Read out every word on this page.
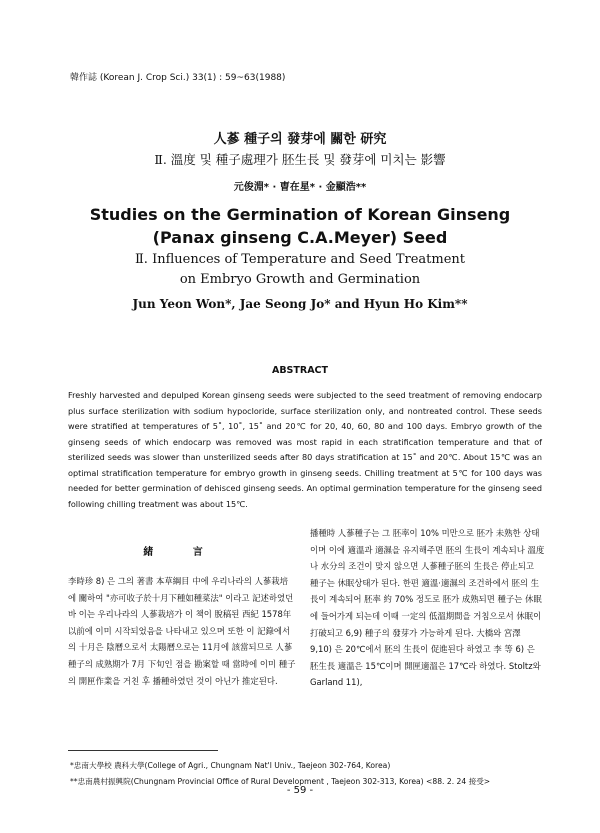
韓作誌 (Korean J. Crop Sci.) 33(1) : 59~63(1988)
人蔘 種子의 發芽에 關한 研究
Ⅱ. 溫度 및 種子處理가 胚生長 및 發芽에 미치는 影響
元俊淵* · 曺在星* · 金顯浩**
Studies on the Germination of Korean Ginseng
(Panax ginseng C.A.Meyer) Seed
Ⅱ. Influences of Temperature and Seed Treatment
on Embryo Growth and Germination
Jun Yeon Won*, Jae Seong Jo* and Hyun Ho Kim**
ABSTRACT

Freshly harvested and depulped Korean ginseng seeds were subjected to the seed treatment of removing endocarp plus surface sterilization with sodium hypocloride, surface sterilization only, and nontreated control. These seeds were stratified at temperatures of 5˚, 10˚, 15˚ and 20℃ for 20, 40, 60, 80 and 100 days. Embryo growth of the ginseng seeds of which endocarp was removed was most rapid in each stratification temperature and that of sterilized seeds was slower than unsterilized seeds after 80 days stratification at 15˚ and 20℃. About 15℃ was an optimal stratification temperature for embryo growth in ginseng seeds. Chilling treatment at 5℃ for 100 days was needed for better germination of dehisced ginseng seeds. An optimal germination temperature for the ginseng seed following chilling treatment was about 15℃.

緒 言

李時珍 8) 은 그의 著書 本草綱目 中에 우리나라의 人蔘栽培에 關하여 "亦可收子於十月下種如種菜法" 이라고 記述하였던 바 이는 우리나라의 人蔘栽培가 이 책이 脫稿된 西紀 1578年 以前에 이미 시작되었음을 나타내고 있으며 또한 이 記錄에서의 十月은 陰曆으로서 太陽曆으로는 11月에 該當되므로 人蔘 種子의 成熟期가 7月 下旬인 점을 勘案할 때 當時에 이미 種子의 開匣作業을 거친 후 播種하였던 것이 아닌가 推定된다.

播種時 人蔘種子는 그 胚率이 10% 미만으로 胚가 未熟한 상태이며 이에 適溫과 適濕을 유지해주면 胚의 生長이 계속되나 溫度나 水分의 조건이 맞지 않으면 人蔘種子胚의 生長은 停止되고 種子는 休眠상태가 된다. 한편 適溫·適濕의 조건하에서 胚의 生長이 계속되어 胚率 約 70% 정도로 胚가 成熟되면 種子는 休眠에 들어가게 되는데 이때 一定의 低溫期間을 거침으로서 休眠이 打破되고 6,9) 種子의 發芽가 가능하게 된다. 大橋와 宮澤 9,10) 은 20℃에서 胚의 生長이 促進된다 하였고 李 等 6) 은 胚生長 適溫은 15℃이며 開匣適溫은 17℃라 하였다. Stoltz와 Garland 11),

*忠南大學校 農科大學(College of Agri., Chungnam Nat'l Univ., Taejeon 302-764, Korea)
**忠南農村振興院(Chungnam Provincial Office of Rural Development , Taejeon 302-313, Korea) <88. 2. 24 接受>
- 59 -
